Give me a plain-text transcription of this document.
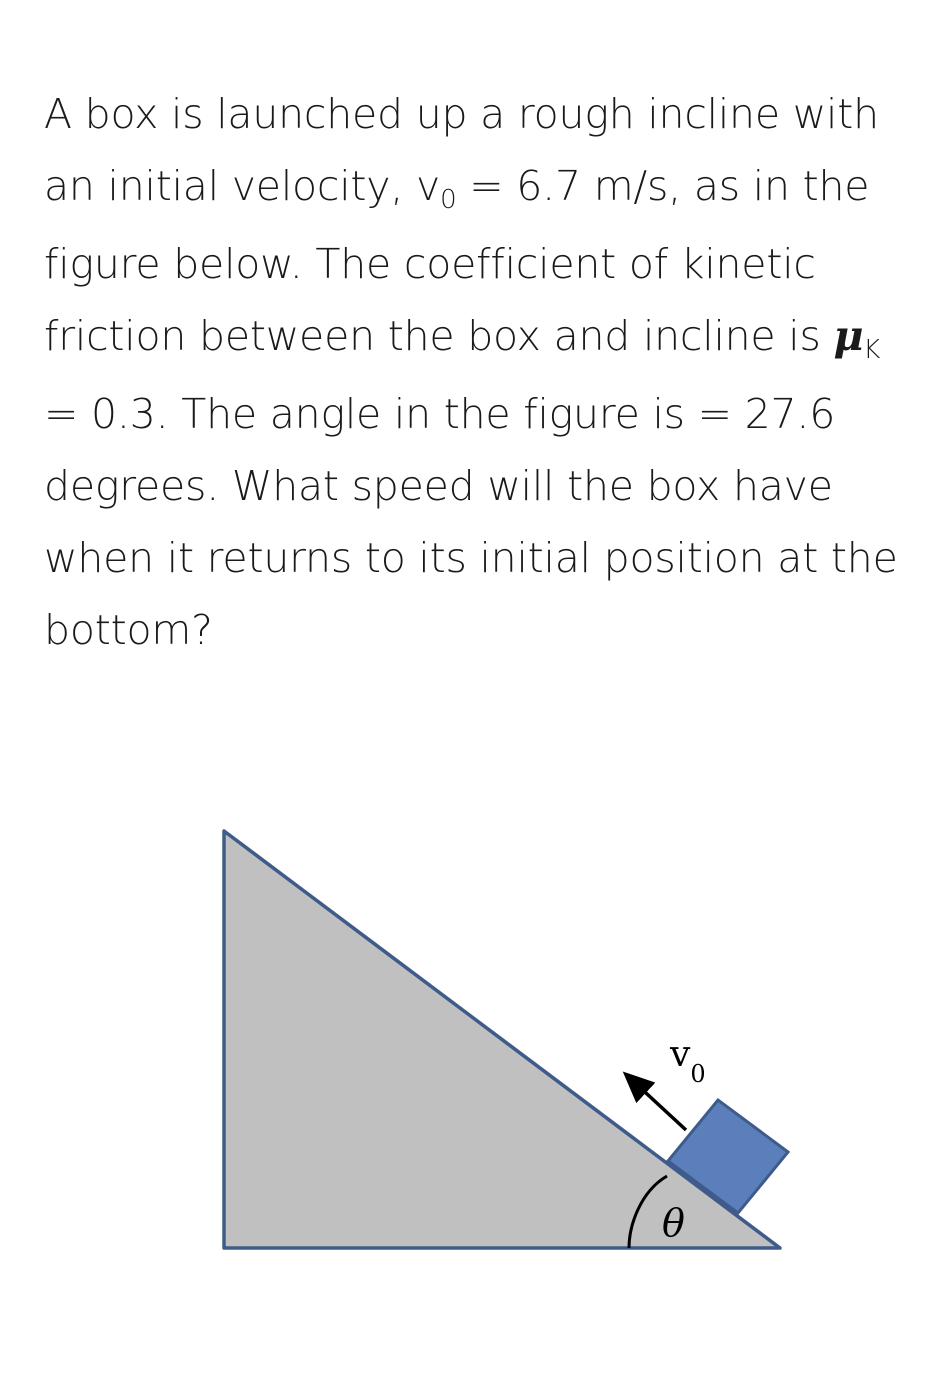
A box is launched up a rough incline with
an initial velocity, v0 = 6.7 m/s, as in the
figure below. The coefficient of kinetic
friction between the box and incline is μK
= 0.3. The angle in the figure is = 27.6
degrees. What speed will the box have
when it returns to its initial position at the
bottom?
$v_0$
θ
